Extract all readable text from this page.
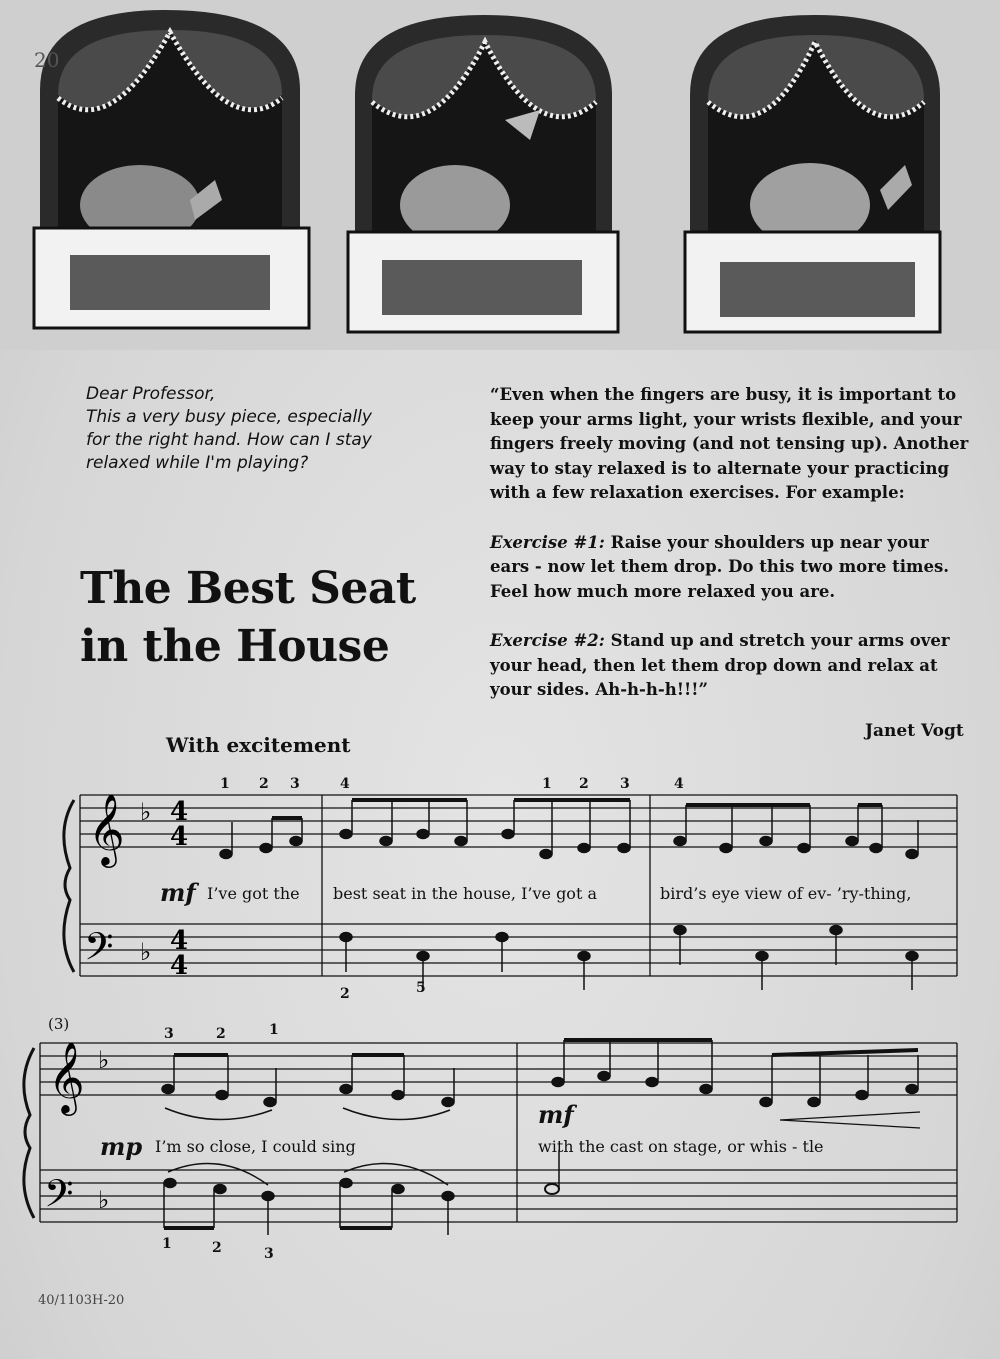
20
Dear Professor,
This a very busy piece, especially
for the right hand. How can I stay
relaxed while I'm playing?

“Even when the fingers are busy, it is important to
keep your arms light, your wrists flexible, and your
fingers freely moving (and not tensing up). Another
way to stay relaxed is to alternate your practicing
with a few relaxation exercises. For example:

Exercise #1: Raise your shoulders up near your
ears - now let them drop. Do this two more times.
Feel how much more relaxed you are.

Exercise #2: Stand up and stretch your arms over
your head, then let them drop down and relax at
your sides. Ah-h-h-h!!!”

The Best Seat
in the House
With excitement
Janet Vogt
𝄞 ♭ 4
4
𝄢 ♭ 4
4
𝄞 ♭
𝄢 ♭
1 2 3	4	1 2 3	4
2	5
3	2	1
1	2	3
mf I’ve got the best seat in the house, I’ve got a	bird’s eye view of ev- ’ry-thing,
(3)
mp
mf
I’m so close, I could sing	with the cast on stage, or whis - tle
40/1103H-20
